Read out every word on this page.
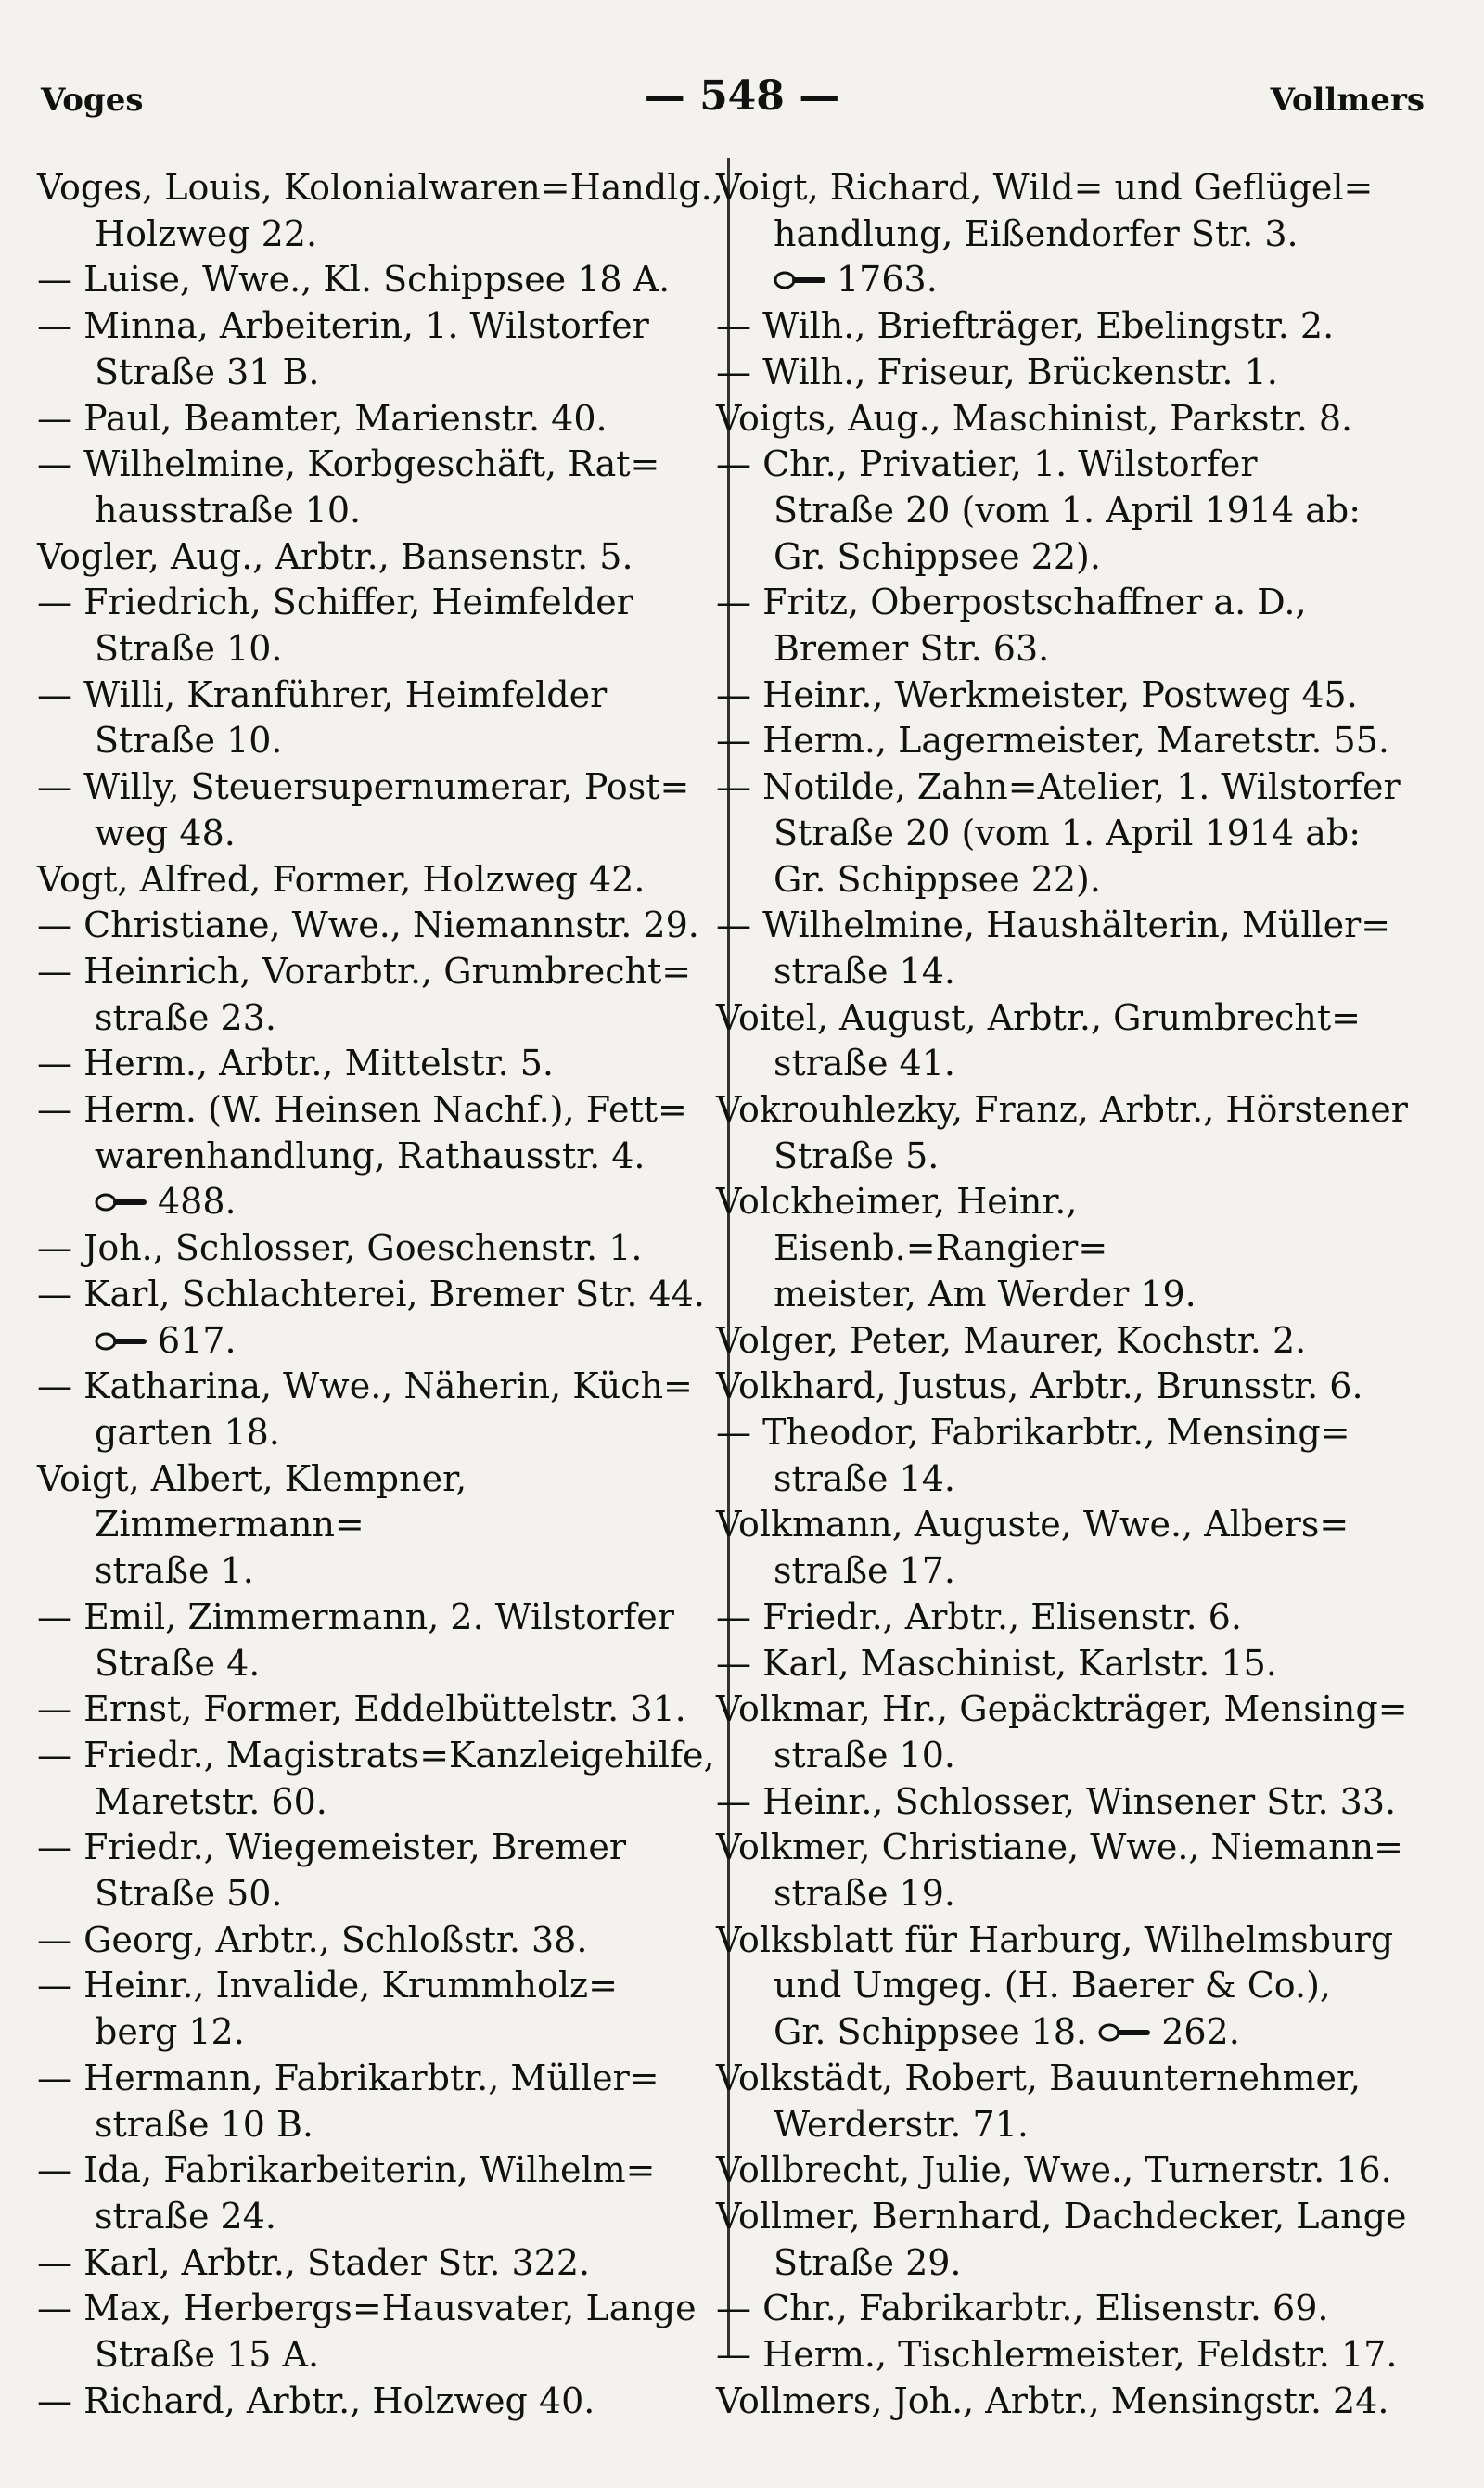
Voges	— 548 —	Vollmers

Voges, Louis, Kolonialwaren=Handlg.,
Holzweg 22.

— Luise, Wwe., Kl. Schippsee 18 A.

— Minna, Arbeiterin, 1. Wilstorfer
Straße 31 B.

— Paul, Beamter, Marienstr. 40.

— Wilhelmine, Korbgeschäft, Rat=
hausstraße 10.

Vogler, Aug., Arbtr., Bansenstr. 5.

— Friedrich, Schiffer, Heimfelder
Straße 10.

— Willi, Kranführer, Heimfelder
Straße 10.

— Willy, Steuersupernumerar, Post=
weg 48.

Vogt, Alfred, Former, Holzweg 42.

— Christiane, Wwe., Niemannstr. 29.

— Heinrich, Vorarbtr., Grumbrecht=
straße 23.

— Herm., Arbtr., Mittelstr. 5.

— Herm. (W. Heinsen Nachf.), Fett=
warenhandlung, Rathausstr. 4.
488.

— Joh., Schlosser, Goeschenstr. 1.

— Karl, Schlachterei, Bremer Str. 44.
617.

— Katharina, Wwe., Näherin, Küch=
garten 18.

Voigt, Albert, Klempner, Zimmermann=
straße 1.

— Emil, Zimmermann, 2. Wilstorfer
Straße 4.

— Ernst, Former, Eddelbüttelstr. 31.

— Friedr., Magistrats=Kanzleigehilfe,
Maretstr. 60.

— Friedr., Wiegemeister, Bremer
Straße 50.

— Georg, Arbtr., Schloßstr. 38.

— Heinr., Invalide, Krummholz=
berg 12.

— Hermann, Fabrikarbtr., Müller=
straße 10 B.

— Ida, Fabrikarbeiterin, Wilhelm=
straße 24.

— Karl, Arbtr., Stader Str. 322.

— Max, Herbergs=Hausvater, Lange
Straße 15 A.

— Richard, Arbtr., Holzweg 40.

Voigt, Richard, Wild= und Geflügel=
handlung, Eißendorfer Str. 3.
1763.

— Wilh., Briefträger, Ebelingstr. 2.

— Wilh., Friseur, Brückenstr. 1.

Voigts, Aug., Maschinist, Parkstr. 8.

— Chr., Privatier, 1. Wilstorfer
Straße 20 (vom 1. April 1914 ab:
Gr. Schippsee 22).

— Fritz, Oberpostschaffner a. D.,
Bremer Str. 63.

— Heinr., Werkmeister, Postweg 45.

— Herm., Lagermeister, Maretstr. 55.

— Notilde, Zahn=Atelier, 1. Wilstorfer
Straße 20 (vom 1. April 1914 ab:
Gr. Schippsee 22).

— Wilhelmine, Haushälterin, Müller=
straße 14.

Voitel, August, Arbtr., Grumbrecht=
straße 41.

Vokrouhlezky, Franz, Arbtr., Hörstener
Straße 5.

Volckheimer, Heinr., Eisenb.=Rangier=
meister, Am Werder 19.

Volger, Peter, Maurer, Kochstr. 2.

Volkhard, Justus, Arbtr., Brunsstr. 6.

— Theodor, Fabrikarbtr., Mensing=
straße 14.

Volkmann, Auguste, Wwe., Albers=
straße 17.

— Friedr., Arbtr., Elisenstr. 6.

— Karl, Maschinist, Karlstr. 15.

Volkmar, Hr., Gepäckträger, Mensing=
straße 10.

— Heinr., Schlosser, Winsener Str. 33.

Volkmer, Christiane, Wwe., Niemann=
straße 19.

Volksblatt für Harburg, Wilhelmsburg
und Umgeg. (H. Baerer & Co.),
Gr. Schippsee 18. 262.

Volkstädt, Robert, Bauunternehmer,
Werderstr. 71.

Vollbrecht, Julie, Wwe., Turnerstr. 16.

Vollmer, Bernhard, Dachdecker, Lange
Straße 29.

— Chr., Fabrikarbtr., Elisenstr. 69.

— Herm., Tischlermeister, Feldstr. 17.

Vollmers, Joh., Arbtr., Mensingstr. 24.
